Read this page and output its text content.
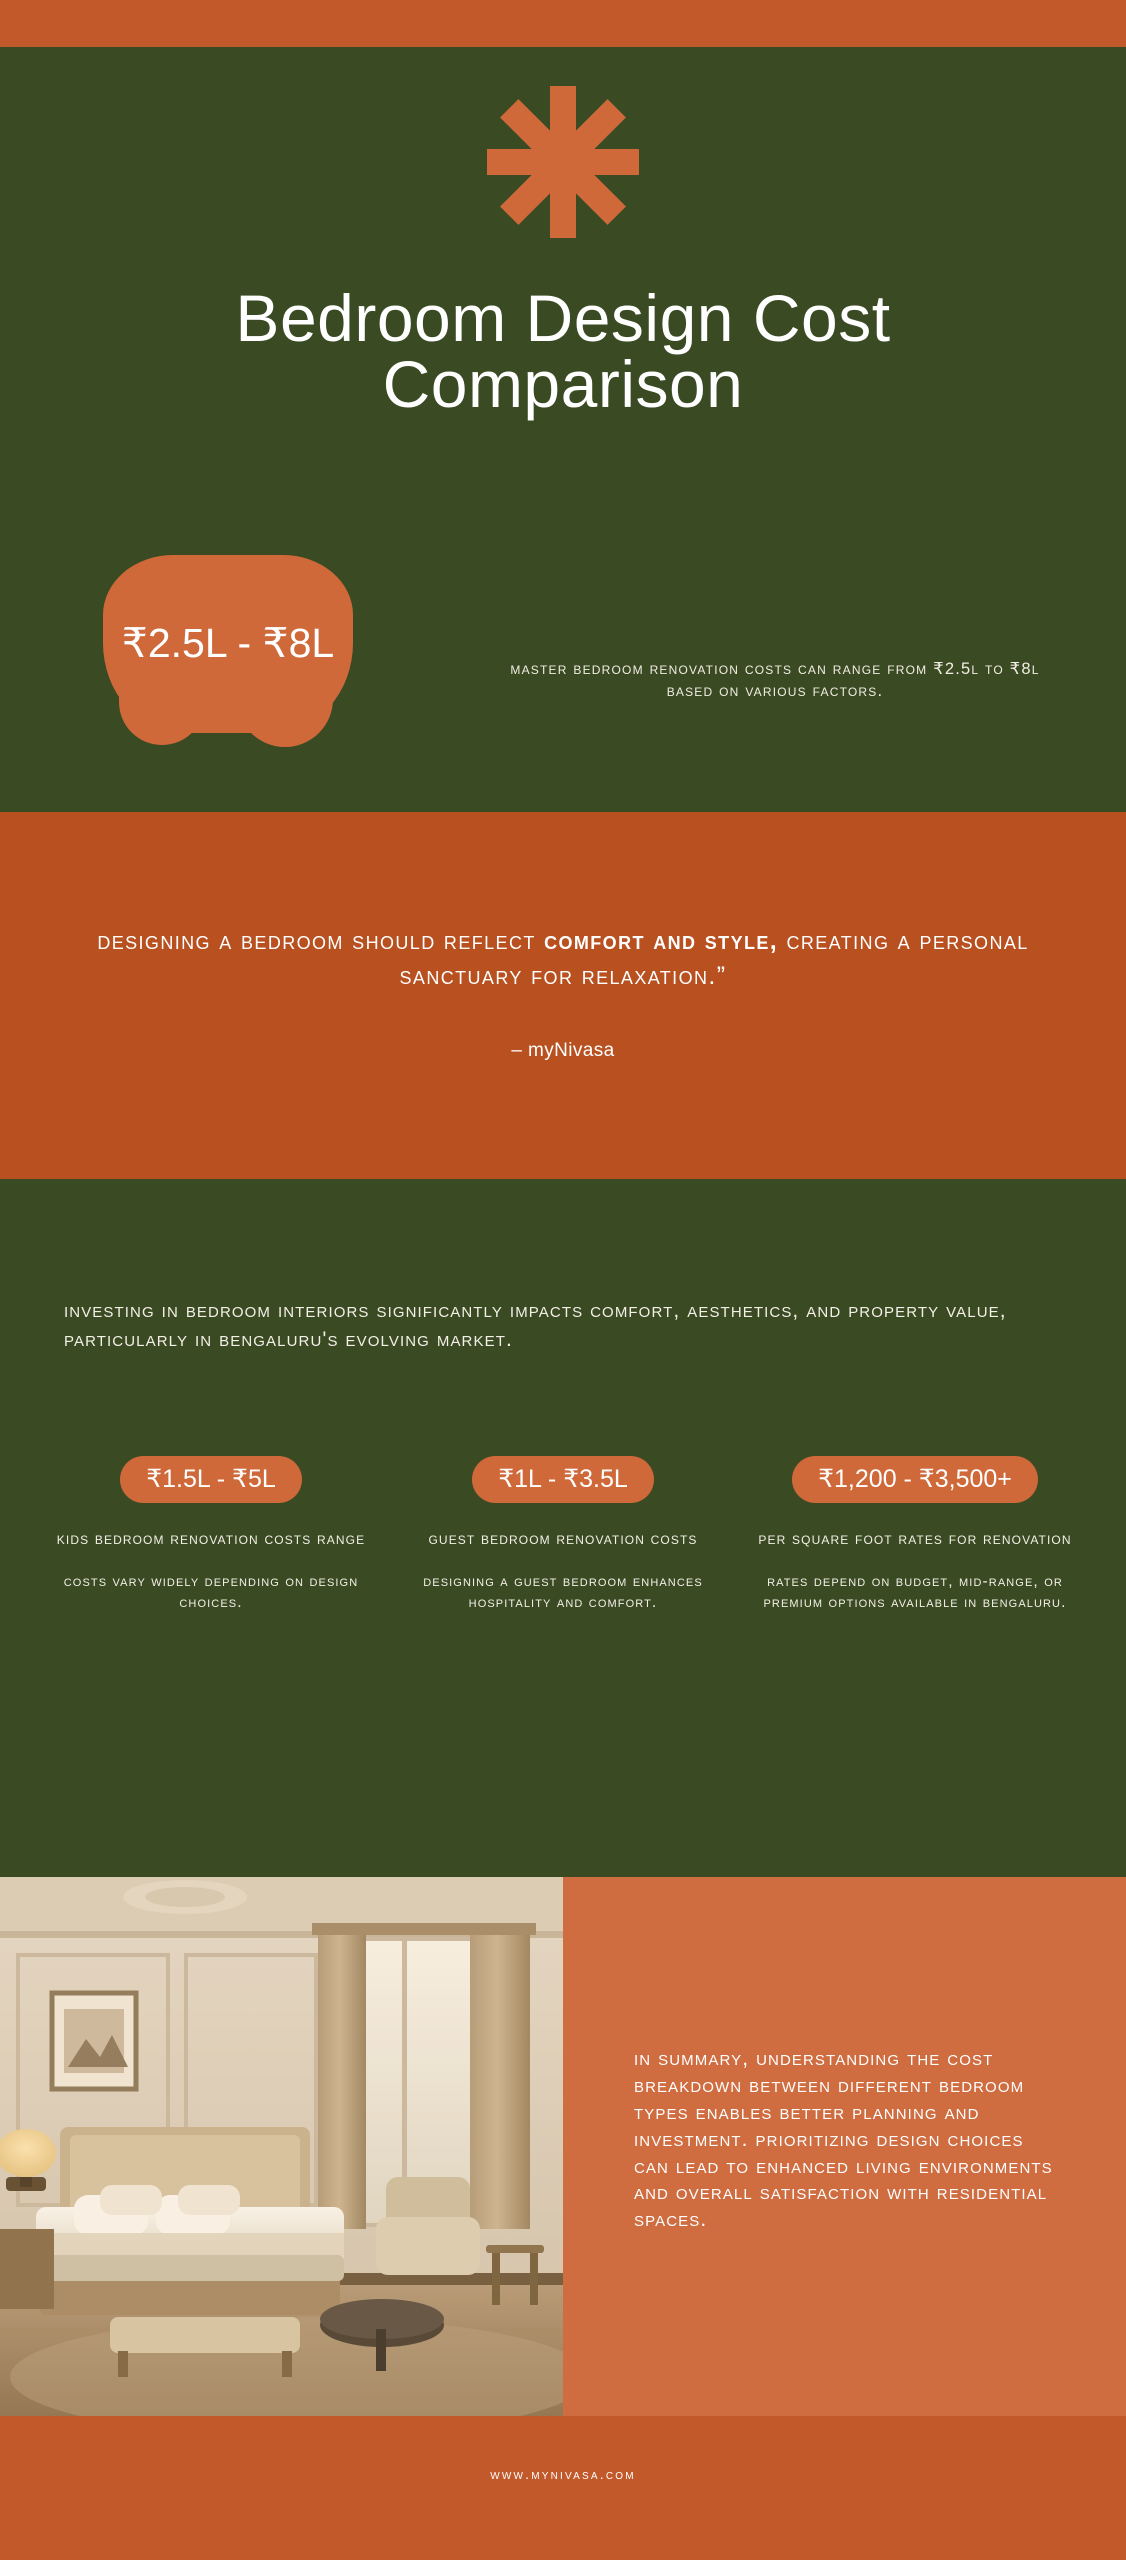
Bedroom Design Cost Comparison
₹2.5L - ₹8L
master bedroom renovation costs can range from ₹2.5l to ₹8l based on various factors.
designing a bedroom should reflect comfort and style, creating a personal sanctuary for relaxation.”
– myNivasa
investing in bedroom interiors significantly impacts comfort, aesthetics, and property value, particularly in bengaluru's evolving market.
₹1.5L - ₹5L
kids bedroom renovation costs range
costs vary widely depending on design choices.
₹1L - ₹3.5L
guest bedroom renovation costs
designing a guest bedroom enhances hospitality and comfort.
₹1,200 - ₹3,500+
per square foot rates for renovation
rates depend on budget, mid-range, or premium options available in bengaluru.
in summary, understanding the cost breakdown between different bedroom types enables better planning and investment. prioritizing design choices can lead to enhanced living environments and overall satisfaction with residential spaces.
www.mynivasa.com
